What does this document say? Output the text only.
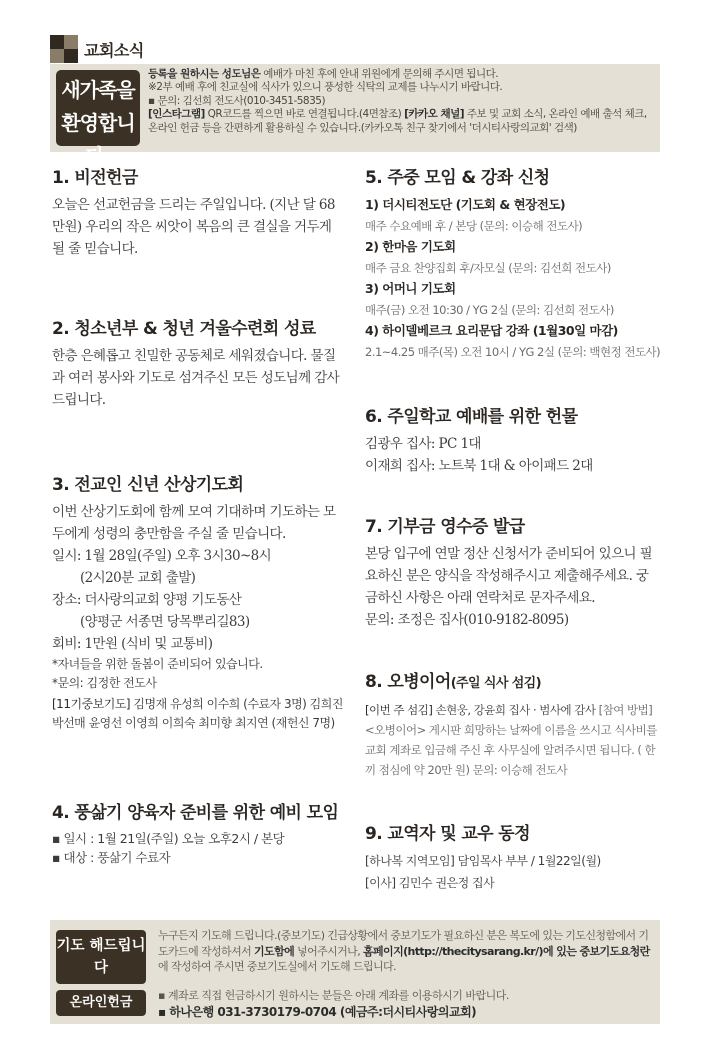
교회소식
새가족을 환영합니다.
등록을 원하시는 성도님은 예배가 마친 후에 안내 위원에게 문의해 주시면 됩니다.
※2부 예배 후에 친교실에 식사가 있으니 풍성한 식탁의 교제를 나누시기 바랍니다.
▪ 문의: 김선희 전도사(010-3451-5835)
[인스타그램] QR코드를 찍으면 바로 연결됩니다.(4면참조) [카카오 채널] 주보 및 교회 소식, 온라인 예배 출석 체크, 온라인 헌금 등을 간편하게 활용하실 수 있습니다.(카카오톡 친구 찾기에서 '더시티사랑의교회' 검색)
1. 비전헌금
오늘은 선교헌금을 드리는 주일입니다. (지난 달 68만원) 우리의 작은 씨앗이 복음의 큰 결실을 거두게 될 줄 믿습니다.
2. 청소년부 & 청년 겨울수련회 성료
한층 은혜롭고 친밀한 공동체로 세워졌습니다. 물질과 여러 봉사와 기도로 섬겨주신 모든 성도님께 감사드립니다.
3. 전교인 신년 산상기도회
이번 산상기도회에 함께 모여 기대하며 기도하는 모두에게 성령의 충만함을 주실 줄 믿습니다.
일시: 1월 28일(주일) 오후 3시30~8시
(2시20분 교회 출발)
장소: 더사랑의교회 양평 기도동산
(양평군 서종면 당목뿌리길83)
회비: 1만원 (식비 및 교통비)
*자녀들을 위한 돌봄이 준비되어 있습니다.
*문의: 김정한 전도사
[11기중보기도] 김명재 유성희 이수희 (수료자 3명) 김희진 박선매 윤영선 이영희 이희숙 최미향 최지연 (재헌신 7명)
4. 풍삶기 양육자 준비를 위한 예비 모임
▪ 일시 : 1월 21일(주일) 오늘 오후2시 / 본당
▪ 대상 : 풍삶기 수료자
5. 주중 모임 & 강좌 신청
1) 더시티전도단 (기도회 & 현장전도)
매주 수요예배 후 / 본당 (문의: 이승해 전도사)
2) 한마음 기도회
매주 금요 찬양집회 후/자모실 (문의: 김선희 전도사)
3) 어머니 기도회
매주(금) 오전 10:30 / YG 2실 (문의: 김선희 전도사)
4) 하이델베르크 요리문답 강좌 (1월30일 마감)
2.1~4.25 매주(목) 오전 10시 / YG 2실 (문의: 백현정 전도사)
6. 주일학교 예배를 위한 헌물
김광우 집사: PC 1대
이재희 집사: 노트북 1대 & 아이패드 2대
7. 기부금 영수증 발급
본당 입구에 연말 정산 신청서가 준비되어 있으니 필요하신 분은 양식을 작성해주시고 제출해주세요. 궁금하신 사항은 아래 연락처로 문자주세요.
문의: 조정은 집사(010-9182-8095)
8. 오병이어(주일 식사 섬김)
[이번 주 섬김] 손현웅, 강윤희 집사 · 범사에 감사 [참여 방법] <오병이어> 게시판 희망하는 날짜에 이름을 쓰시고 식사비를 교회 계좌로 입금해 주신 후 사무실에 알려주시면 됩니다. ( 한 끼 점심에 약 20만 원) 문의: 이승해 전도사
9. 교역자 및 교우 동정
[하나복 지역모임] 담임목사 부부 / 1월22일(월)
[이사] 김민수 권은정 집사
기도 해드립니다
온라인헌금
누구든지 기도해 드립니다.(중보기도) 긴급상황에서 중보기도가 필요하신 분은 복도에 있는 기도신청함에서 기도카드에 작성하셔서 기도함에 넣어주시거나, 홈페이지(http://thecitysarang.kr/)에 있는 중보기도요청란에 작성하여 주시면 중보기도실에서 기도해 드립니다.
▪ 계좌로 직접 헌금하시기 원하시는 분들은 아래 계좌를 이용하시기 바랍니다.
▪ 하나은행 031-3730179-0704 (예금주:더시티사랑의교회)
